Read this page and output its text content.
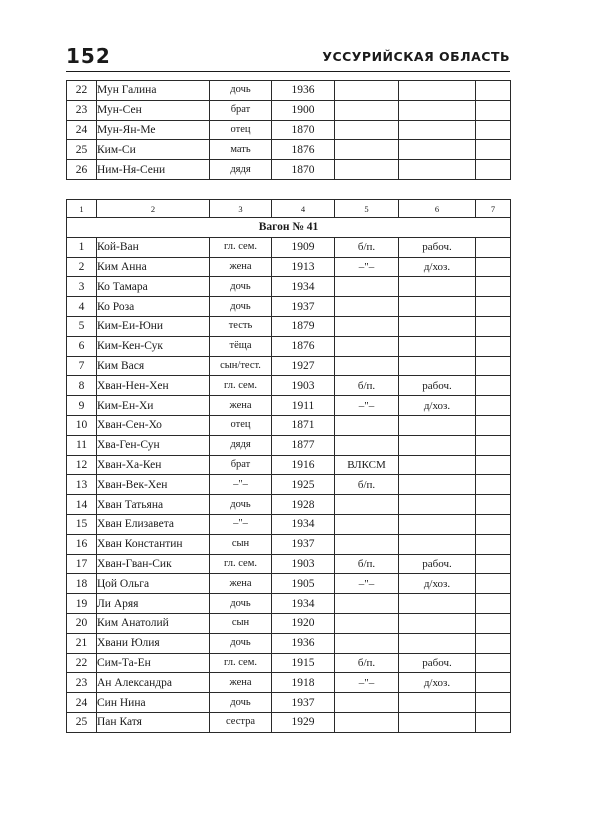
152	УССУРИЙСКАЯ ОБЛАСТЬ
22	Мун Галина	дочь	1936			
23	Мун-Сен	брат	1900			
24	Мун-Ян-Ме	отец	1870			
25	Ким-Си	мать	1876			
26	Ним-Ня-Сени	дядя	1870			
1	2	3	4	5	6	7
Вагон № 41						
1	Кой-Ван	гл. сем.	1909	б/п.	рабоч.	
2	Ким Анна	жена	1913	–"–	д/хоз.	
3	Ко Тамара	дочь	1934			
4	Ко Роза	дочь	1937			
5	Ким-Еи-Юни	тесть	1879			
6	Ким-Кен-Сук	тёща	1876			
7	Ким Вася	сын/тест.	1927			
8	Хван-Нен-Хен	гл. сем.	1903	б/п.	рабоч.	
9	Ким-Ен-Хи	жена	1911	–"–	д/хоз.	
10	Хван-Сен-Хо	отец	1871			
11	Хва-Ген-Сун	дядя	1877			
12	Хван-Ха-Кен	брат	1916	ВЛКСМ		
13	Хван-Век-Хен	–"–	1925	б/п.		
14	Хван Татьяна	дочь	1928			
15	Хван Елизавета	–"–	1934			
16	Хван Константин	сын	1937			
17	Хван-Гван-Сик	гл. сем.	1903	б/п.	рабоч.	
18	Цой Ольга	жена	1905	–"–	д/хоз.	
19	Ли Аряя	дочь	1934			
20	Ким Анатолий	сын	1920			
21	Хвани Юлия	дочь	1936			
22	Сим-Та-Ен	гл. сем.	1915	б/п.	рабоч.	
23	Ан Александра	жена	1918	–"–	д/хоз.	
24	Син Нина	дочь	1937			
25	Пан Катя	сестра	1929			
